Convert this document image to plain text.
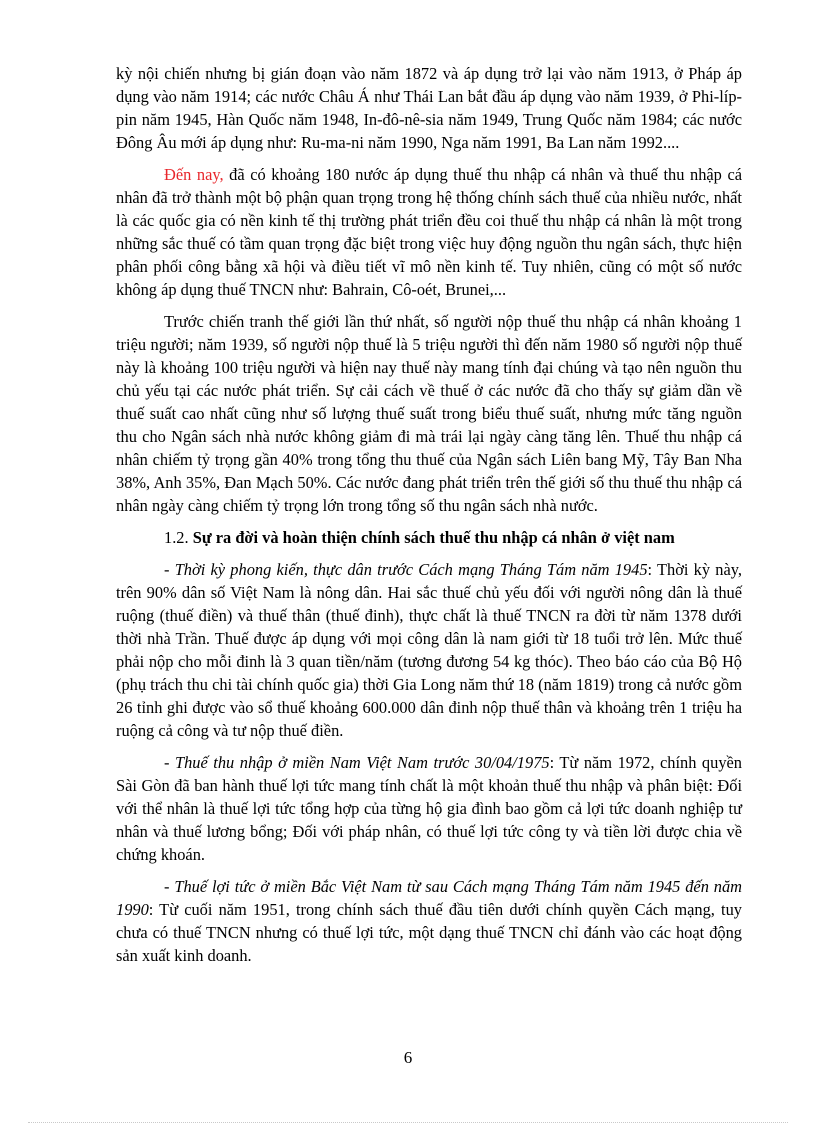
kỳ nội chiến nhưng bị gián đoạn vào năm 1872 và áp dụng trở lại vào năm 1913, ở Pháp áp dụng vào năm 1914; các nước Châu Á như Thái Lan bắt đầu áp dụng vào năm 1939, ở Phi-líp-pin năm 1945, Hàn Quốc năm 1948, In-đô-nê-sia năm 1949, Trung Quốc năm 1984; các nước Đông Âu mới áp dụng như: Ru-ma-ni năm 1990, Nga năm 1991, Ba Lan năm 1992....

Đến nay, đã có khoảng 180 nước áp dụng thuế thu nhập cá nhân và thuế thu nhập cá nhân đã trở thành một bộ phận quan trọng trong hệ thống chính sách thuế của nhiều nước, nhất là các quốc gia có nền kinh tế thị trường phát triển đều coi thuế thu nhập cá nhân là một trong những sắc thuế có tầm quan trọng đặc biệt trong việc huy động nguồn thu ngân sách, thực hiện phân phối công bằng xã hội và điều tiết vĩ mô nền kinh tế. Tuy nhiên, cũng có một số nước không áp dụng thuế TNCN như: Bahrain, Cô-oét, Brunei,...

Trước chiến tranh thế giới lần thứ nhất, số người nộp thuế thu nhập cá nhân khoảng 1 triệu người; năm 1939, số người nộp thuế là 5 triệu người thì đến năm 1980 số người nộp thuế này là khoảng 100 triệu người và hiện nay thuế này mang tính đại chúng và tạo nên nguồn thu chủ yếu tại các nước phát triển. Sự cải cách về thuế ở các nước đã cho thấy sự giảm dần về thuế suất cao nhất cũng như số lượng thuế suất trong biểu thuế suất, nhưng mức tăng nguồn thu cho Ngân sách nhà nước không giảm đi mà trái lại ngày càng tăng lên. Thuế thu nhập cá nhân chiếm tỷ trọng gần 40% trong tổng thu thuế của Ngân sách Liên bang Mỹ, Tây Ban Nha 38%, Anh 35%, Đan Mạch 50%. Các nước đang phát triển trên thế giới số thu thuế thu nhập cá nhân ngày càng chiếm tỷ trọng lớn trong tổng số thu ngân sách nhà nước.

1.2. Sự ra đời và hoàn thiện chính sách thuế thu nhập cá nhân ở việt nam

- Thời kỳ phong kiến, thực dân trước Cách mạng Tháng Tám năm 1945: Thời kỳ này, trên 90% dân số Việt Nam là nông dân. Hai sắc thuế chủ yếu đối với người nông dân là thuế ruộng (thuế điền) và thuế thân (thuế đinh), thực chất là thuế TNCN ra đời từ năm 1378 dưới thời nhà Trần. Thuế được áp dụng với mọi công dân là nam giới từ 18 tuổi trở lên. Mức thuế phải nộp cho mỗi đinh là 3 quan tiền/năm (tương đương 54 kg thóc). Theo báo cáo của Bộ Hộ (phụ trách thu chi tài chính quốc gia) thời Gia Long năm thứ 18 (năm 1819) trong cả nước gồm 26 tỉnh ghi được vào sổ thuế khoảng 600.000 dân đinh nộp thuế thân và khoảng trên 1 triệu ha ruộng cả công và tư nộp thuế điền.

- Thuế thu nhập ở miền Nam Việt Nam trước 30/04/1975: Từ năm 1972, chính quyền Sài Gòn đã ban hành thuế lợi tức mang tính chất là một khoản thuế thu nhập và phân biệt: Đối với thể nhân là thuế lợi tức tổng hợp của từng hộ gia đình bao gồm cả lợi tức doanh nghiệp tư nhân và thuế lương bổng; Đối với pháp nhân, có thuế lợi tức công ty và tiền lời được chia về chứng khoán.

- Thuế lợi tức ở miền Bắc Việt Nam từ sau Cách mạng Tháng Tám năm 1945 đến năm 1990: Từ cuối năm 1951, trong chính sách thuế đầu tiên dưới chính quyền Cách mạng, tuy chưa có thuế TNCN nhưng có thuế lợi tức, một dạng thuế TNCN chỉ đánh vào các hoạt động sản xuất kinh doanh.

6
